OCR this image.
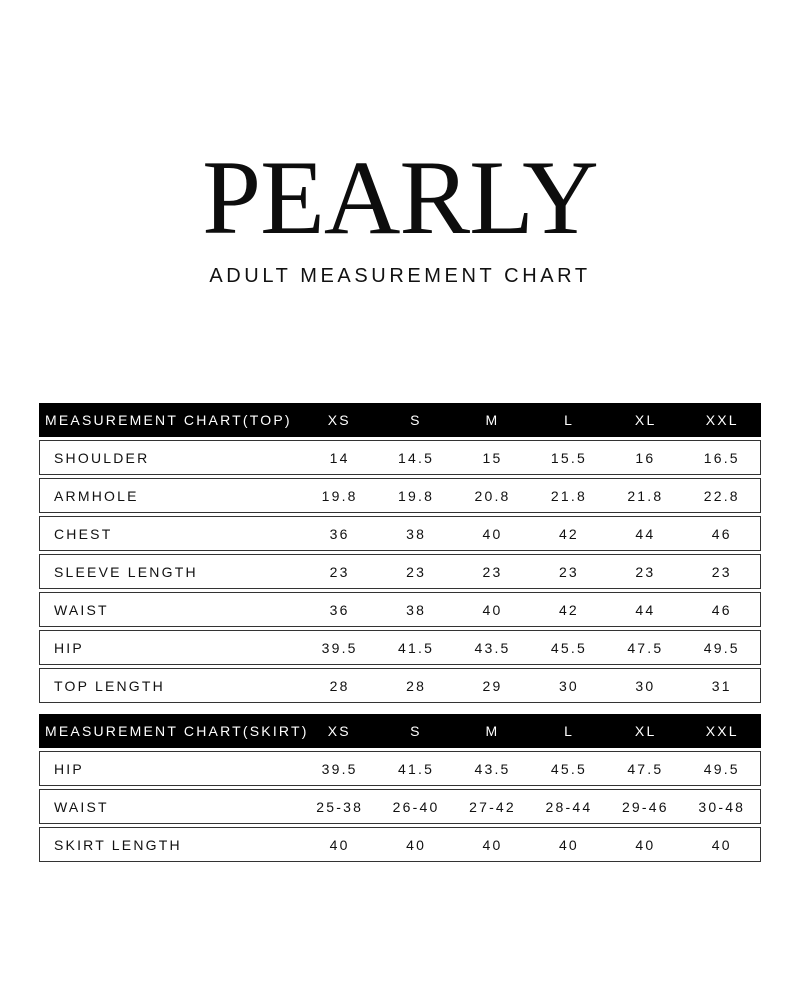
PEARLY
ADULT MEASUREMENT CHART
MEASUREMENT CHART(TOP)	XS	S	M	L	XL	XXL
SHOULDER	14	14.5	15	15.5	16	16.5
ARMHOLE	19.8	19.8	20.8	21.8	21.8	22.8
CHEST	36	38	40	42	44	46
SLEEVE LENGTH	23	23	23	23	23	23
WAIST	36	38	40	42	44	46
HIP	39.5	41.5	43.5	45.5	47.5	49.5
TOP LENGTH	28	28	29	30	30	31
MEASUREMENT CHART(SKIRT)	XS	S	M	L	XL	XXL
HIP	39.5	41.5	43.5	45.5	47.5	49.5
WAIST	25-38	26-40	27-42	28-44	29-46	30-48
SKIRT LENGTH	40	40	40	40	40	40
